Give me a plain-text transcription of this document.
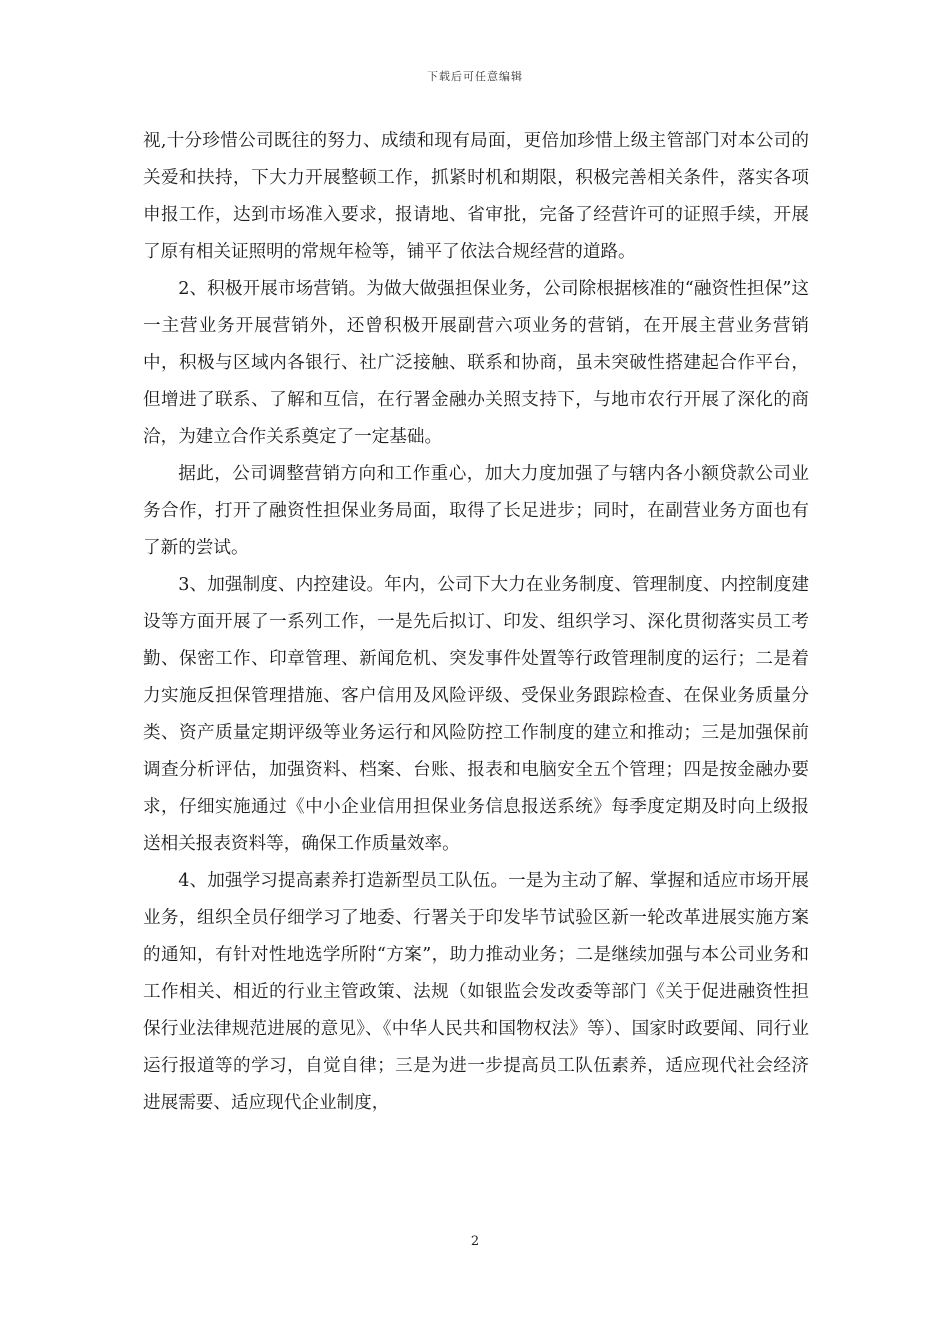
下载后可任意编辑

视,十分珍惜公司既往的努力、成绩和现有局面，更倍加珍惜上级主管部门对本公司的关爱和扶持，下大力开展整顿工作，抓紧时机和期限，积极完善相关条件，落实各项申报工作，达到市场准入要求，报请地、省审批，完备了经营许可的证照手续，开展了原有相关证照明的常规年检等，铺平了依法合规经营的道路。

2、积极开展市场营销。为做大做强担保业务，公司除根据核准的“融资性担保”这一主营业务开展营销外，还曾积极开展副营六项业务的营销，在开展主营业务营销中，积极与区域内各银行、社广泛接触、联系和协商，虽未突破性搭建起合作平台，但增进了联系、了解和互信，在行署金融办关照支持下，与地市农行开展了深化的商洽，为建立合作关系奠定了一定基础。

据此，公司调整营销方向和工作重心，加大力度加强了与辖内各小额贷款公司业务合作，打开了融资性担保业务局面，取得了长足进步；同时，在副营业务方面也有了新的尝试。

3、加强制度、内控建设。年内，公司下大力在业务制度、管理制度、内控制度建设等方面开展了一系列工作，一是先后拟订、印发、组织学习、深化贯彻落实员工考勤、保密工作、印章管理、新闻危机、突发事件处置等行政管理制度的运行；二是着力实施反担保管理措施、客户信用及风险评级、受保业务跟踪检查、在保业务质量分类、资产质量定期评级等业务运行和风险防控工作制度的建立和推动；三是加强保前调查分析评估，加强资料、档案、台账、报表和电脑安全五个管理；四是按金融办要求，仔细实施通过《中小企业信用担保业务信息报送系统》每季度定期及时向上级报送相关报表资料等，确保工作质量效率。

4、加强学习提高素养打造新型员工队伍。一是为主动了解、掌握和适应市场开展业务，组织全员仔细学习了地委、行署关于印发毕节试验区新一轮改革进展实施方案的通知，有针对性地选学所附“方案”，助力推动业务；二是继续加强与本公司业务和工作相关、相近的行业主管政策、法规（如银监会发改委等部门《关于促进融资性担保行业法律规范进展的意见》、《中华人民共和国物权法》等）、国家时政要闻、同行业运行报道等的学习，自觉自律；三是为进一步提高员工队伍素养，适应现代社会经济进展需要、适应现代企业制度，

2
